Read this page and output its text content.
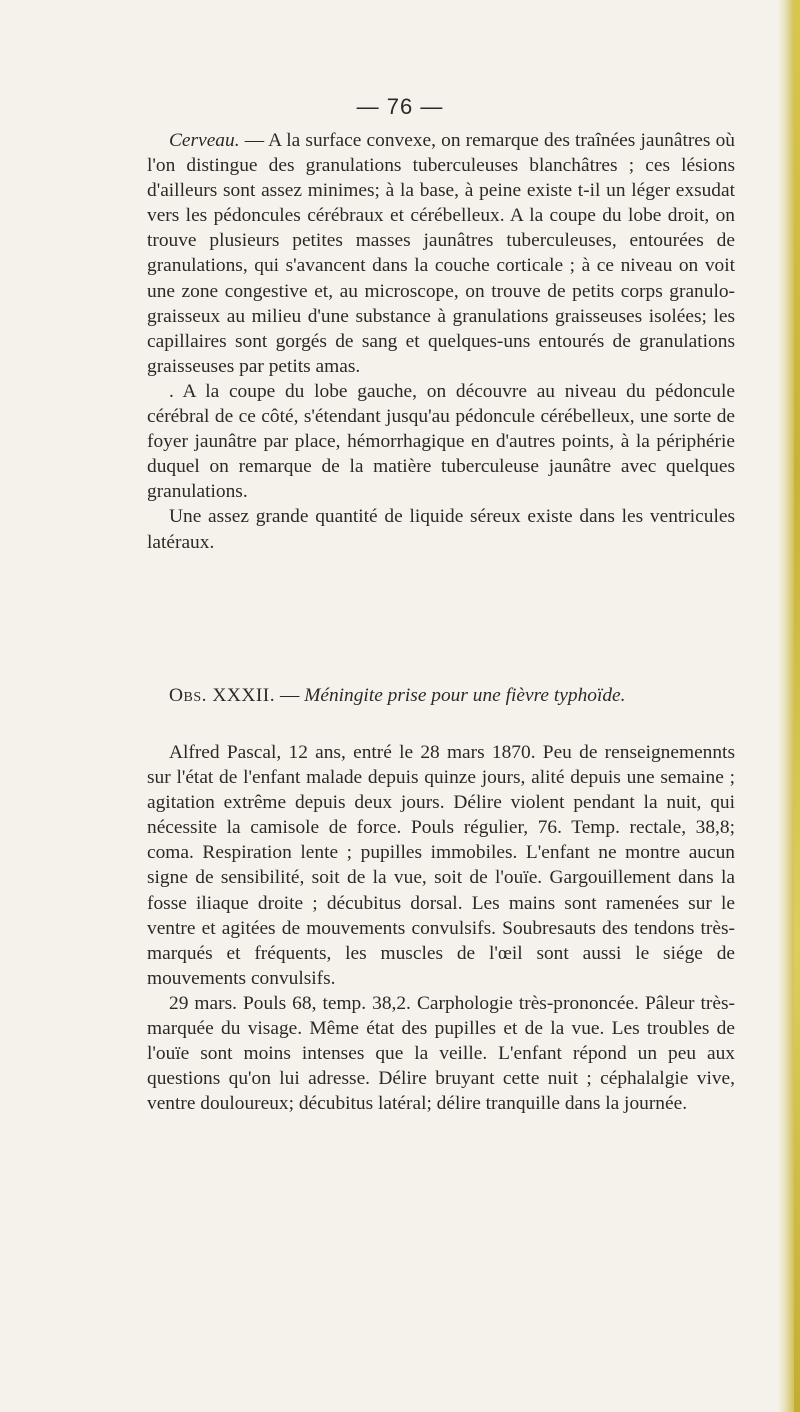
— 76 —

Cerveau. — A la surface convexe, on remarque des traînées jaunâtres où l'on distingue des granulations tuberculeuses blanchâtres ; ces lésions d'ailleurs sont assez minimes; à la base, à peine existe t-il un léger exsudat vers les pédoncules cérébraux et cérébelleux. A la coupe du lobe droit, on trouve plusieurs petites masses jaunâtres tuberculeuses, entourées de granulations, qui s'avancent dans la couche corticale ; à ce niveau on voit une zone congestive et, au microscope, on trouve de petits corps granulo-graisseux au milieu d'une substance à granulations graisseuses isolées; les capillaires sont gorgés de sang et quelques-uns entourés de granulations graisseuses par petits amas.

. A la coupe du lobe gauche, on découvre au niveau du pédoncule cérébral de ce côté, s'étendant jusqu'au pédoncule cérébelleux, une sorte de foyer jaunâtre par place, hémorrhagique en d'autres points, à la périphérie duquel on remarque de la matière tuberculeuse jaunâtre avec quelques granulations.

Une assez grande quantité de liquide séreux existe dans les ventricules latéraux.

Obs. XXXII. — Méningite prise pour une fièvre typhoïde.

Alfred Pascal, 12 ans, entré le 28 mars 1870. Peu de renseignemennts sur l'état de l'enfant malade depuis quinze jours, alité depuis une semaine ; agitation extrême depuis deux jours. Délire violent pendant la nuit, qui nécessite la camisole de force. Pouls régulier, 76. Temp. rectale, 38,8; coma. Respiration lente ; pupilles immobiles. L'enfant ne montre aucun signe de sensibilité, soit de la vue, soit de l'ouïe. Gargouillement dans la fosse iliaque droite ; décubitus dorsal. Les mains sont ramenées sur le ventre et agitées de mouvements convulsifs. Soubresauts des tendons très-marqués et fréquents, les muscles de l'œil sont aussi le siége de mouvements convulsifs.

29 mars. Pouls 68, temp. 38,2. Carphologie très-prononcée. Pâleur très-marquée du visage. Même état des pupilles et de la vue. Les troubles de l'ouïe sont moins intenses que la veille. L'enfant répond un peu aux questions qu'on lui adresse. Délire bruyant cette nuit ; céphalalgie vive, ventre douloureux; décubitus latéral; délire tranquille dans la journée.
